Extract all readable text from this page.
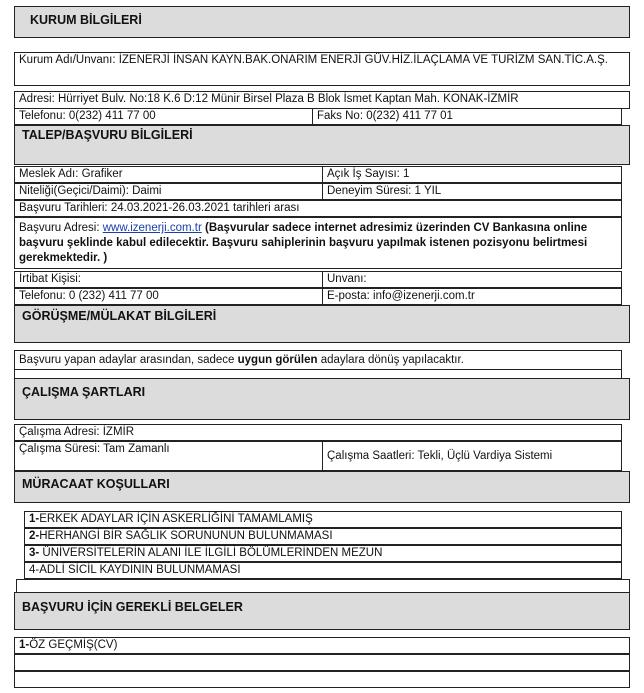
KURUM BİLGİLERİ
Kurum Adı/Unvanı: İZENERJİ İNSAN KAYN.BAK.ONARIM ENERJİ GÜV.HİZ.İLAÇLAMA VE TURİZM SAN.TİC.A.Ş.
Adresi: Hürriyet Bulv. No:18 K.6 D:12 Münir Birsel Plaza B Blok İsmet Kaptan Mah. KONAK-İZMİR
Telefonu: 0(232) 411 77 00	Faks No: 0(232) 411 77 01
TALEP/BAŞVURU BİLGİLERİ
Meslek Adı: Grafiker	Açık İş Sayısı: 1
Niteliği(Geçici/Daimi): Daimi	Deneyim Süresi: 1 YIL
Başvuru Tarihleri: 24.03.2021-26.03.2021 tarihleri arası
Başvuru Adresi: www.izenerji.com.tr (Başvurular sadece internet adresimiz üzerinden CV Bankasına online başvuru şeklinde kabul edilecektir. Başvuru sahiplerinin başvuru yapılmak istenen pozisyonu belirtmesi gerekmektedir. )
İrtibat Kişisi:	Unvanı:
Telefonu: 0 (232) 411 77 00	E-posta: info@izenerji.com.tr
GÖRÜŞME/MÜLAKAT BİLGİLERİ
Başvuru yapan adaylar arasından, sadece uygun görülen adaylara dönüş yapılacaktır.
ÇALIŞMA ŞARTLARI
Çalışma Adresi: İZMİR
Çalışma Süresi: Tam Zamanlı
Çalışma Saatleri: Tekli, Üçlü Vardiya Sistemi
MÜRACAAT KOŞULLARI
1-ERKEK ADAYLAR İÇİN ASKERLİĞİNİ TAMAMLAMIŞ
2-HERHANGİ BİR SAĞLIK SORUNUNUN BULUNMAMASI
3- ÜNİVERSİTELERİN ALANI İLE İLGİLİ BÖLÜMLERİNDEN MEZUN
4-ADLİ SİCİL KAYDININ BULUNMAMASI
BAŞVURU İÇİN GEREKLİ BELGELER
1-ÖZ GEÇMİŞ(CV)
